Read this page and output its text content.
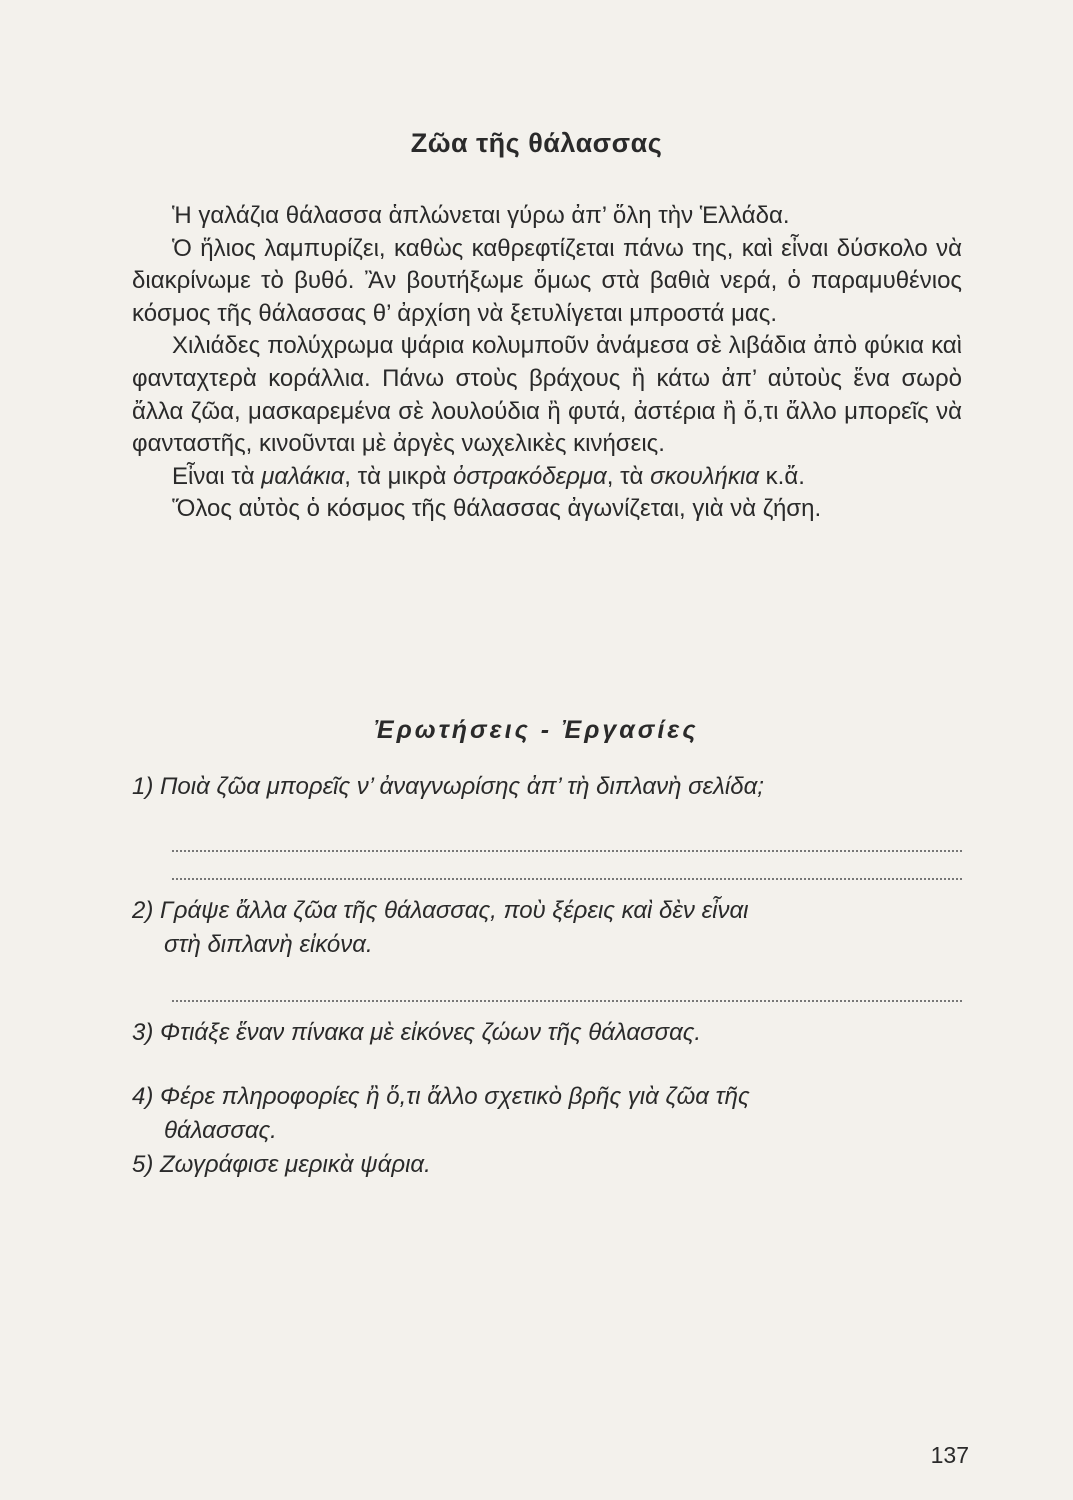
Ζῶα τῆς θάλασσας

Ἡ γαλάζια θάλασσα ἁπλώνεται γύρω ἀπ’ ὅλη τὴν Ἑλλάδα.

Ὁ ἥλιος λαμπυρίζει, καθὼς καθρεφτίζεται πάνω της, καὶ εἶναι δύσκολο νὰ διακρίνωμε τὸ βυθό. Ἂν βουτήξωμε ὅμως στὰ βαθιὰ νερά, ὁ παραμυθένιος κόσμος τῆς θάλασσας θ’ ἀρχίση νὰ ξετυλίγεται μπροστά μας.

Χιλιάδες πολύχρωμα ψάρια κολυμποῦν ἀνάμεσα σὲ λιβάδια ἀπὸ φύκια καὶ φανταχτερὰ κοράλλια. Πάνω στοὺς βράχους ἢ κάτω ἀπ’ αὐτοὺς ἕνα σωρὸ ἄλλα ζῶα, μασκαρεμένα σὲ λουλούδια ἢ φυτά, ἀστέρια ἢ ὅ,τι ἄλλο μπορεῖς νὰ φανταστῆς, κινοῦνται μὲ ἀργὲς νωχελικὲς κινήσεις.

Εἶναι τὰ μαλάκια, τὰ μικρὰ ὀστρακόδερμα, τὰ σκουλήκια κ.ἄ.

Ὅλος αὐτὸς ὁ κόσμος τῆς θάλασσας ἀγωνίζεται, γιὰ νὰ ζήση.

Ἐρωτήσεις - Ἐργασίες
1) Ποιὰ ζῶα μπορεῖς ν’ ἀναγνωρίσης ἀπ’ τὴ διπλανὴ σελίδα;
2) Γράψε ἄλλα ζῶα τῆς θάλασσας, ποὺ ξέρεις καὶ δὲν εἶναι
στὴ διπλανὴ εἰκόνα.
3) Φτιάξε ἕναν πίνακα μὲ εἰκόνες ζώων τῆς θάλασσας.
4) Φέρε πληροφορίες ἢ ὅ,τι ἄλλο σχετικὸ βρῆς γιὰ ζῶα τῆς
θάλασσας.
5) Ζωγράφισε μερικὰ ψάρια.

137
